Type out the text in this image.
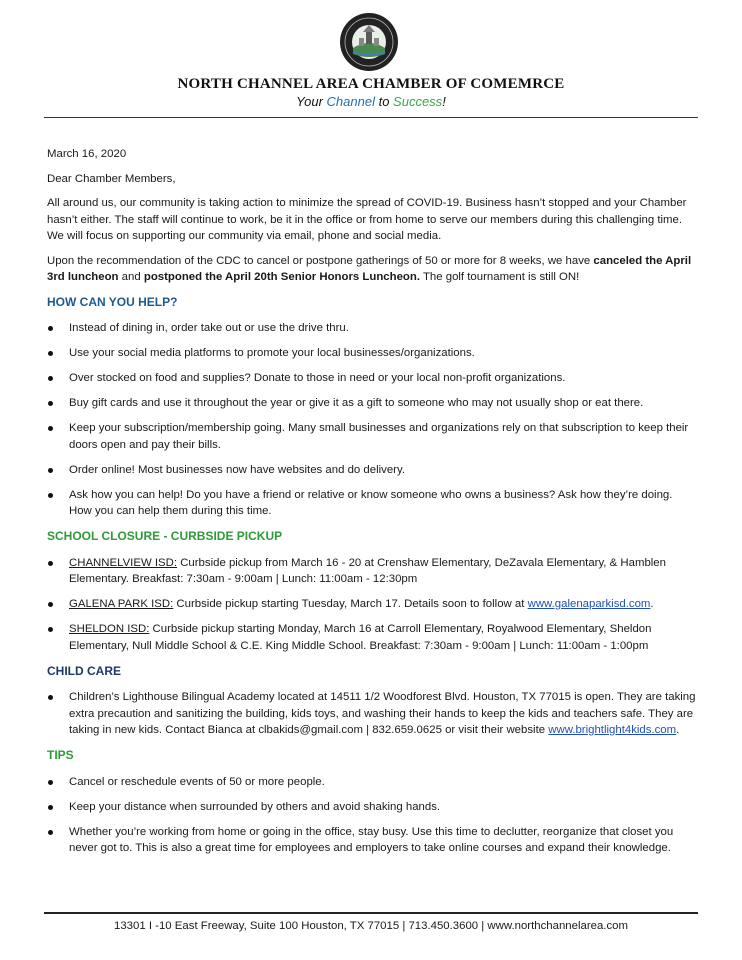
NORTH CHANNEL AREA CHAMBER OF COMEMRCE
Your Channel to Success!

March 16, 2020

Dear Chamber Members,

All around us, our community is taking action to minimize the spread of COVID-19. Business hasn’t stopped and your Chamber hasn’t either. The staff will continue to work, be it in the office or from home to serve our members during this challenging time. We will focus on supporting our community via email, phone and social media.

Upon the recommendation of the CDC to cancel or postpone gatherings of 50 or more for 8 weeks, we have canceled the April 3rd luncheon and postponed the April 20th Senior Honors Luncheon. The golf tournament is still ON!

HOW CAN YOU HELP?
Instead of dining in, order take out or use the drive thru.
Use your social media platforms to promote your local businesses/organizations.
Over stocked on food and supplies? Donate to those in need or your local non-profit organizations.
Buy gift cards and use it throughout the year or give it as a gift to someone who may not usually shop or eat there.
Keep your subscription/membership going. Many small businesses and organizations rely on that subscription to keep their doors open and pay their bills.
Order online! Most businesses now have websites and do delivery.
Ask how you can help! Do you have a friend or relative or know someone who owns a business? Ask how they’re doing. How you can help them during this time.
SCHOOL CLOSURE - CURBSIDE PICKUP
CHANNELVIEW ISD: Curbside pickup from March 16 - 20 at Crenshaw Elementary, DeZavala Elementary, & Hamblen Elementary. Breakfast: 7:30am - 9:00am | Lunch: 11:00am - 12:30pm
GALENA PARK ISD: Curbside pickup starting Tuesday, March 17. Details soon to follow at www.galenaparkisd.com.
SHELDON ISD: Curbside pickup starting Monday, March 16 at Carroll Elementary, Royalwood Elementary, Sheldon Elementary, Null Middle School & C.E. King Middle School. Breakfast: 7:30am - 9:00am | Lunch: 11:00am - 1:00pm
CHILD CARE
Children’s Lighthouse Bilingual Academy located at 14511 1/2 Woodforest Blvd. Houston, TX 77015 is open. They are taking extra precaution and sanitizing the building, kids toys, and washing their hands to keep the kids and teachers safe. They are taking in new kids. Contact Bianca at clbakids@gmail.com | 832.659.0625 or visit their website www.brightlight4kids.com.
TIPS
Cancel or reschedule events of 50 or more people.
Keep your distance when surrounded by others and avoid shaking hands.
Whether you’re working from home or going in the office, stay busy. Use this time to declutter, reorganize that closet you never got to. This is also a great time for employees and employers to take online courses and expand their knowledge.
13301 I -10 East Freeway, Suite 100 Houston, TX 77015 | 713.450.3600 | www.northchannelarea.com
